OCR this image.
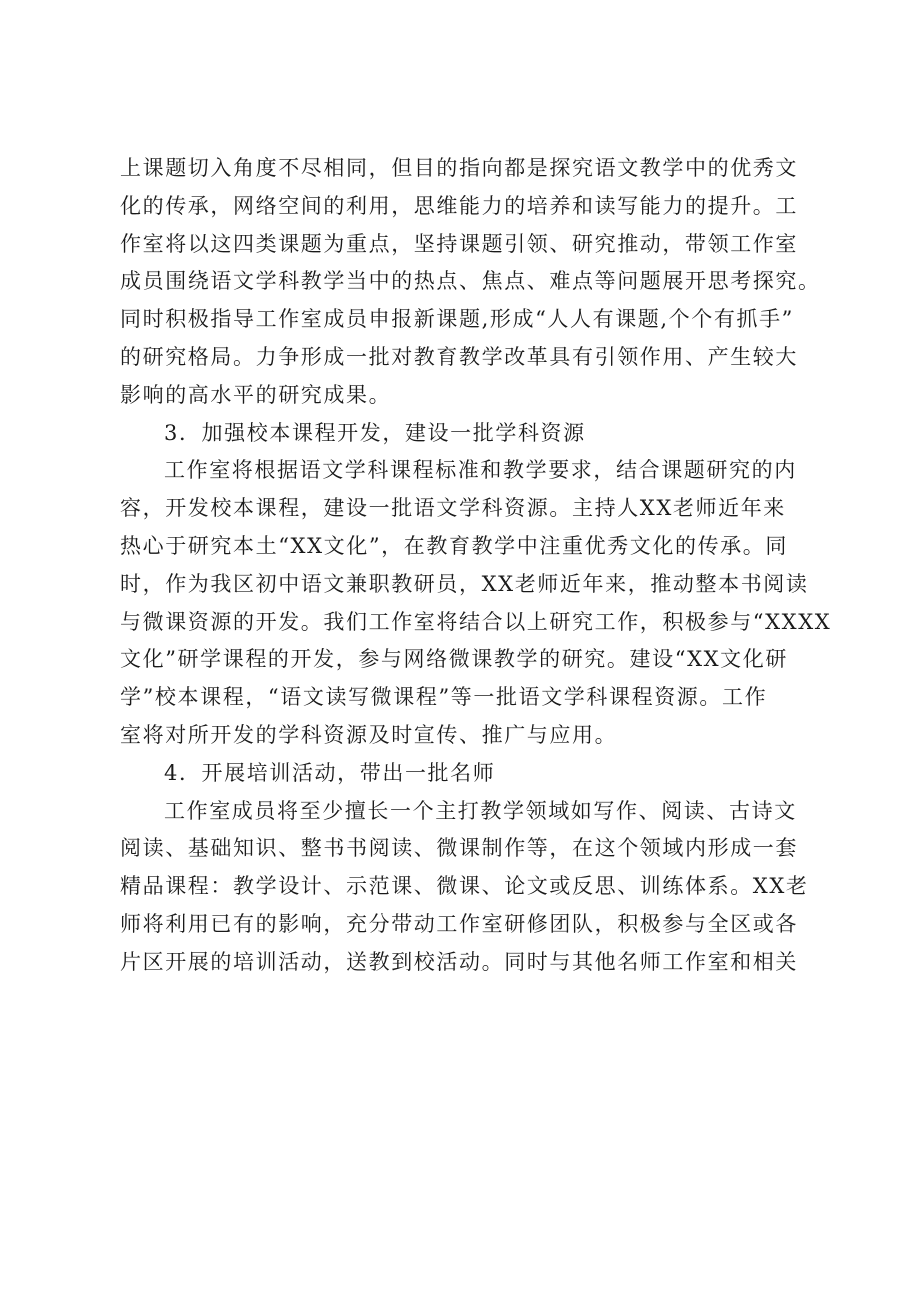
上课题切入角度不尽相同，但目的指向都是探究语文教学中的优秀文
化的传承，网络空间的利用，思维能力的培养和读写能力的提升。工
作室将以这四类课题为重点，坚持课题引领、研究推动，带领工作室
成员围绕语文学科教学当中的热点、焦点、难点等问题展开思考探究。
同时积极指导工作室成员申报新课题,形成“人人有课题,个个有抓手”
的研究格局。力争形成一批对教育教学改革具有引领作用、产生较大
影响的高水平的研究成果。
3．加强校本课程开发，建设一批学科资源
工作室将根据语文学科课程标准和教学要求，结合课题研究的内
容，开发校本课程，建设一批语文学科资源。主持人XX老师近年来
热心于研究本土“XX文化”，在教育教学中注重优秀文化的传承。同
时，作为我区初中语文兼职教研员，XX老师近年来，推动整本书阅读
与微课资源的开发。我们工作室将结合以上研究工作，积极参与“XXXX
文化”研学课程的开发，参与网络微课教学的研究。建设“XX文化研
学”校本课程，“语文读写微课程”等一批语文学科课程资源。工作
室将对所开发的学科资源及时宣传、推广与应用。
4．开展培训活动，带出一批名师
工作室成员将至少擅长一个主打教学领域如写作、阅读、古诗文
阅读、基础知识、整书书阅读、微课制作等，在这个领域内形成一套
精品课程：教学设计、示范课、微课、论文或反思、训练体系。XX老
师将利用已有的影响，充分带动工作室研修团队，积极参与全区或各
片区开展的培训活动，送教到校活动。同时与其他名师工作室和相关
